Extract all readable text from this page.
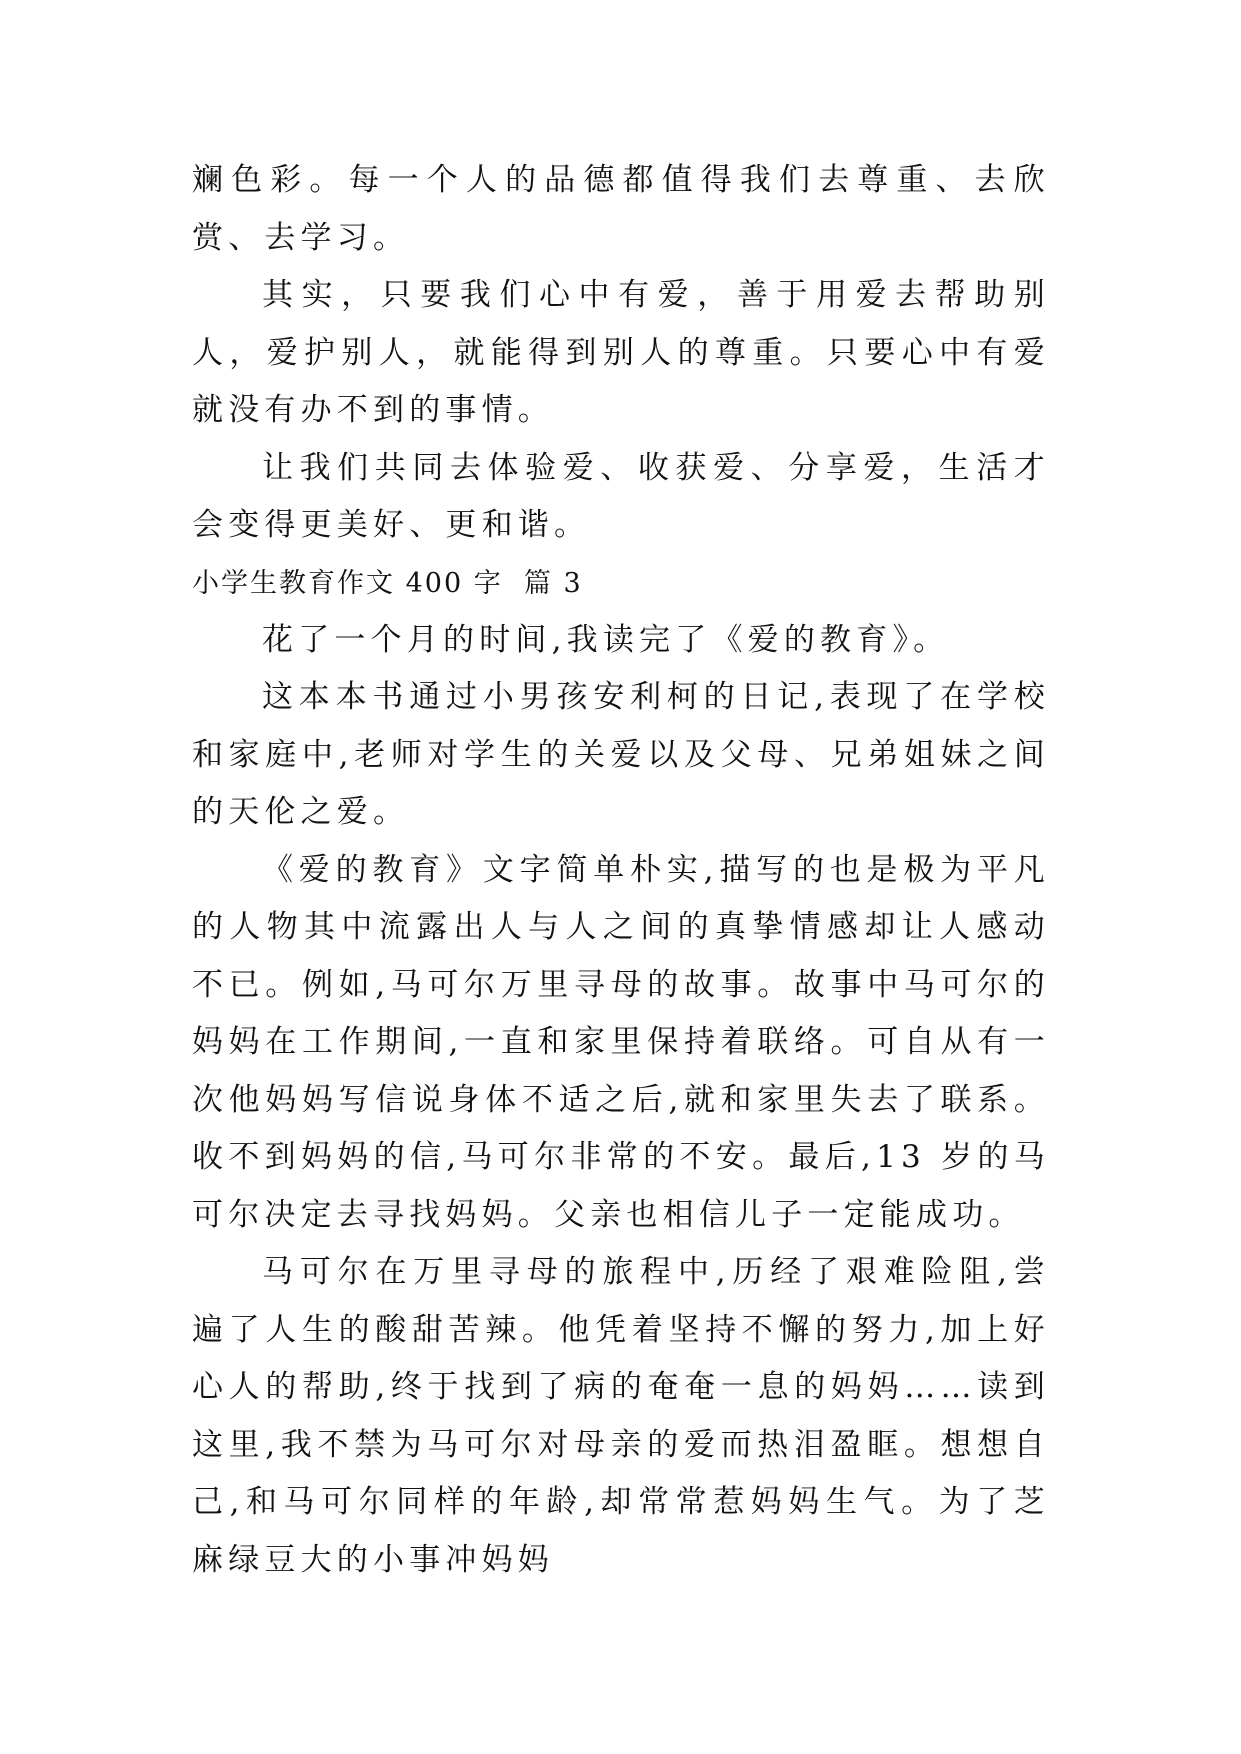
斓色彩。每一个人的品德都值得我们去尊重、去欣赏、去学习。

其实，只要我们心中有爱，善于用爱去帮助别人，爱护别人，就能得到别人的尊重。只要心中有爱就没有办不到的事情。

让我们共同去体验爱、收获爱、分享爱，生活才会变得更美好、更和谐。

小学生教育作文 400 字  篇 3

花了一个月的时间,我读完了《爱的教育》。

这本本书通过小男孩安利柯的日记,表现了在学校和家庭中,老师对学生的关爱以及父母、兄弟姐妹之间的天伦之爱。

《爱的教育》文字简单朴实,描写的也是极为平凡的人物其中流露出人与人之间的真挚情感却让人感动不已。例如,马可尔万里寻母的故事。故事中马可尔的妈妈在工作期间,一直和家里保持着联络。可自从有一次他妈妈写信说身体不适之后,就和家里失去了联系。收不到妈妈的信,马可尔非常的不安。最后,13 岁的马可尔决定去寻找妈妈。父亲也相信儿子一定能成功。

马可尔在万里寻母的旅程中,历经了艰难险阻,尝遍了人生的酸甜苦辣。他凭着坚持不懈的努力,加上好心人的帮助,终于找到了病的奄奄一息的妈妈……读到这里,我不禁为马可尔对母亲的爱而热泪盈眶。想想自己,和马可尔同样的年龄,却常常惹妈妈生气。为了芝麻绿豆大的小事冲妈妈
